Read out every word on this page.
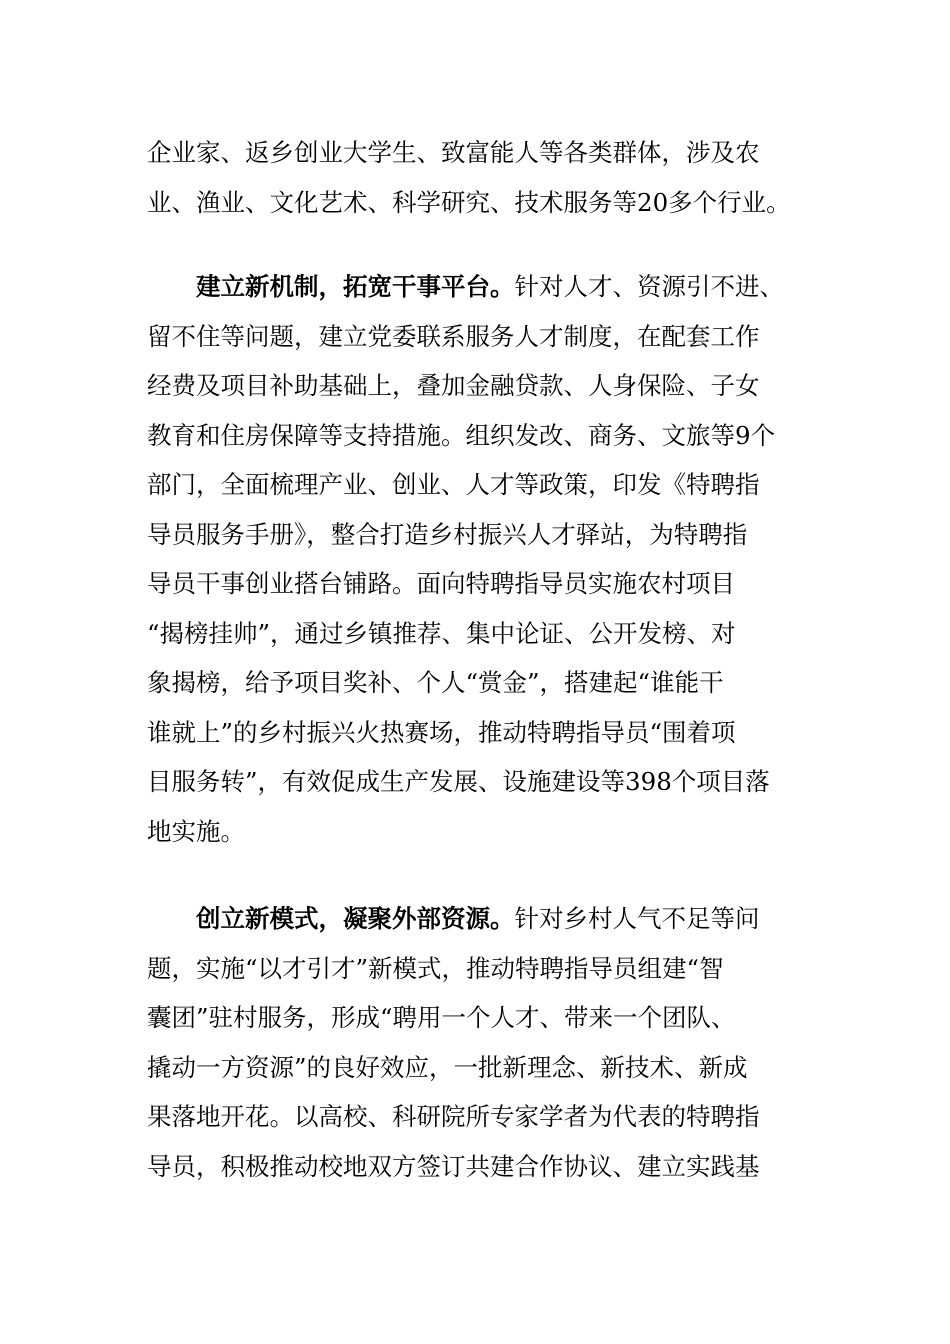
企业家、返乡创业大学生、致富能人等各类群体，涉及农
业、渔业、文化艺术、科学研究、技术服务等20多个行业。
建立新机制，拓宽干事平台。针对人才、资源引不进、
留不住等问题，建立党委联系服务人才制度，在配套工作
经费及项目补助基础上，叠加金融贷款、人身保险、子女
教育和住房保障等支持措施。组织发改、商务、文旅等9个
部门，全面梳理产业、创业、人才等政策，印发《特聘指
导员服务手册》，整合打造乡村振兴人才驿站，为特聘指
导员干事创业搭台铺路。面向特聘指导员实施农村项目
“揭榜挂帅”，通过乡镇推荐、集中论证、公开发榜、对
象揭榜，给予项目奖补、个人“赏金”，搭建起“谁能干
谁就上”的乡村振兴火热赛场，推动特聘指导员“围着项
目服务转”，有效促成生产发展、设施建设等398个项目落
地实施。
创立新模式，凝聚外部资源。针对乡村人气不足等问
题，实施“以才引才”新模式，推动特聘指导员组建“智
囊团”驻村服务，形成“聘用一个人才、带来一个团队、
撬动一方资源”的良好效应，一批新理念、新技术、新成
果落地开花。以高校、科研院所专家学者为代表的特聘指
导员，积极推动校地双方签订共建合作协议、建立实践基
